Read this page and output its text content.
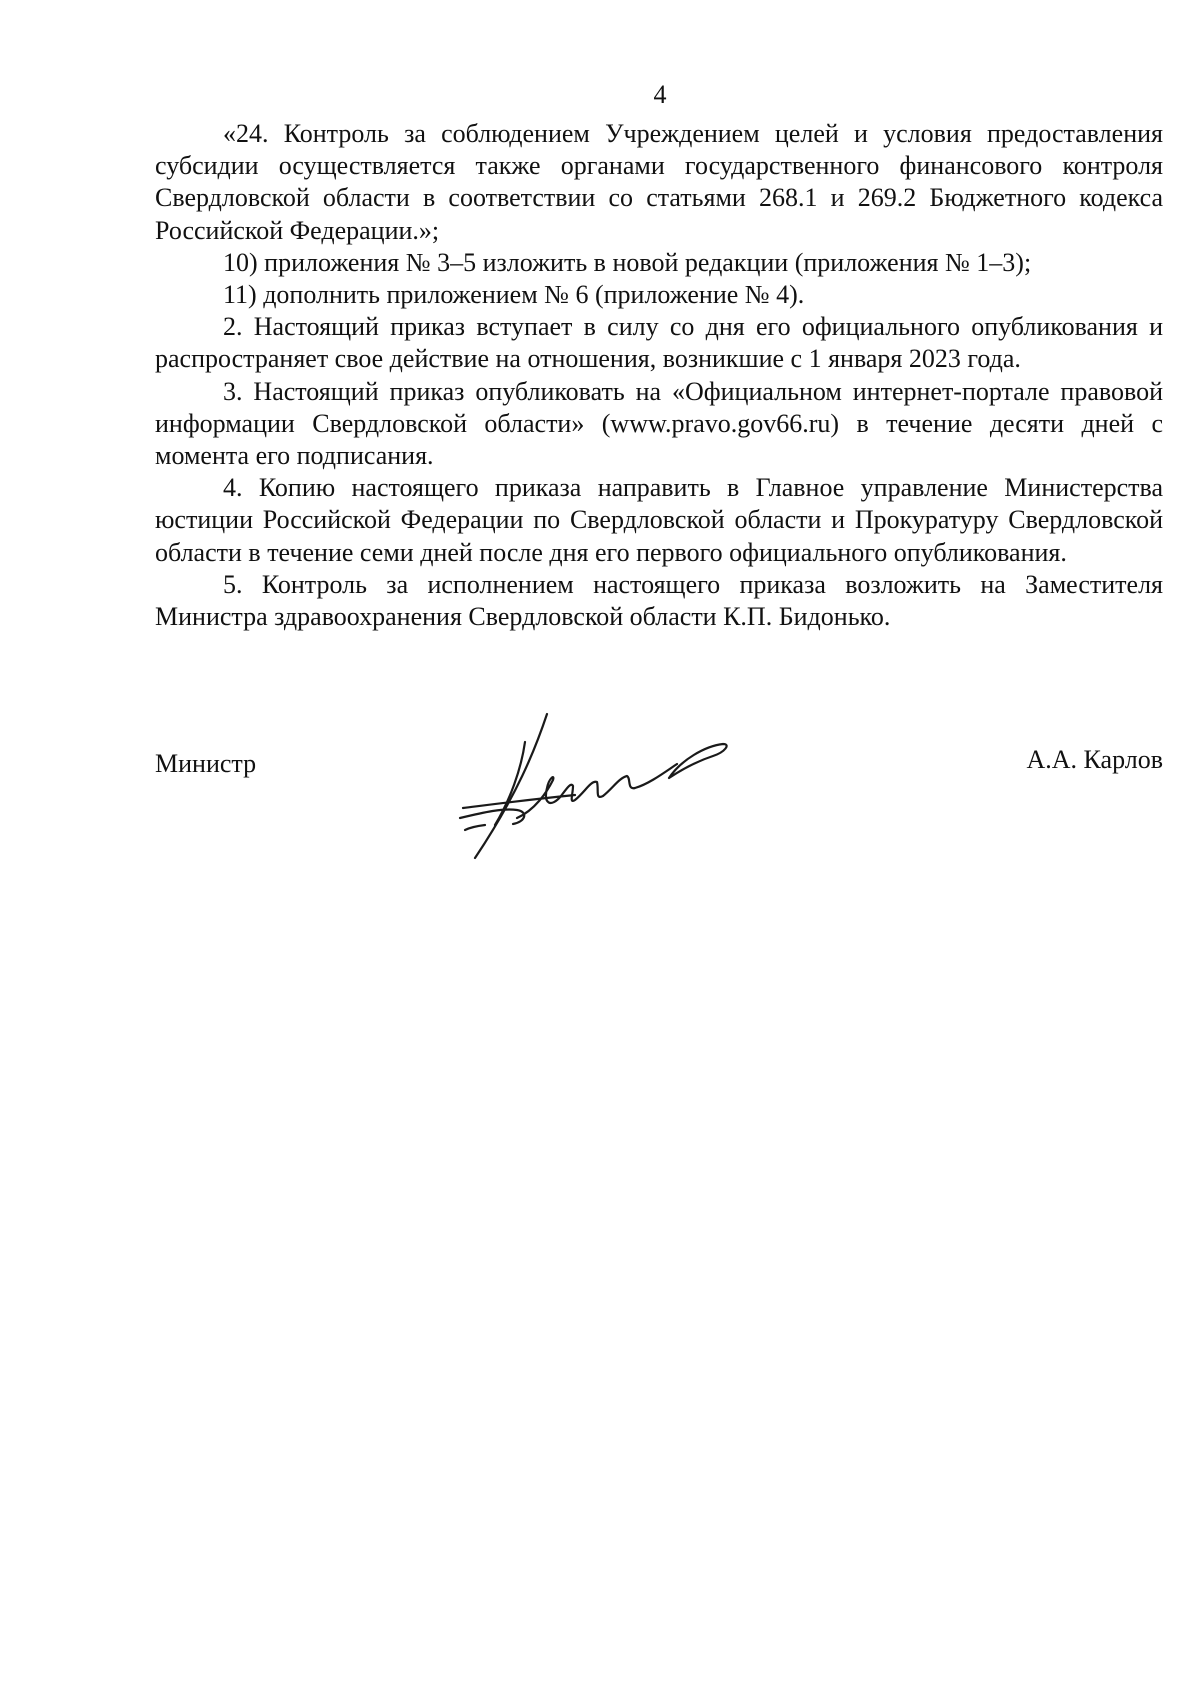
4

«24. Контроль за соблюдением Учреждением целей и условия предоставления субсидии осуществляется также органами государственного финансового контроля Свердловской области в соответствии со статьями 268.1 и 269.2 Бюджетного кодекса Российской Федерации.»;

10) приложения № 3–5 изложить в новой редакции (приложения № 1–3);

11) дополнить приложением № 6 (приложение № 4).

2. Настоящий приказ вступает в силу со дня его официального опубликования и распространяет свое действие на отношения, возникшие с 1 января 2023 года.

3. Настоящий приказ опубликовать на «Официальном интернет-портале правовой информации Свердловской области» (www.pravo.gov66.ru) в течение десяти дней с момента его подписания.

4. Копию настоящего приказа направить в Главное управление Министерства юстиции Российской Федерации по Свердловской области и Прокуратуру Свердловской области в течение семи дней после дня его первого официального опубликования.

5. Контроль за исполнением настоящего приказа возложить на Заместителя Министра здравоохранения Свердловской области К.П. Бидонько.

Министр	А.А. Карлов
